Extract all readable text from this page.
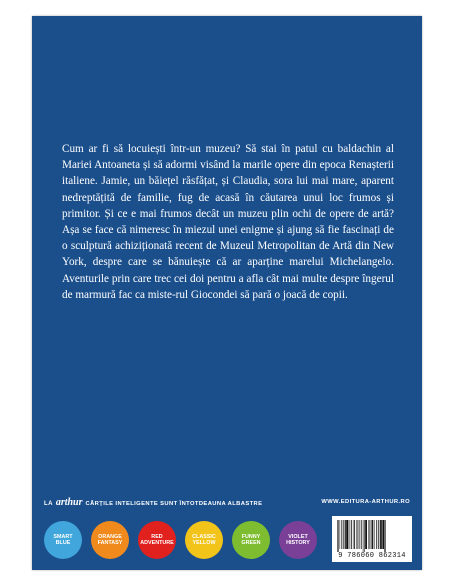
Cum ar fi să locuiești într-un muzeu? Să stai în patul cu baldachin al Mariei Antoaneta și să adormi visând la marile opere din epoca Renașterii italiene. Jamie, un băiețel răsfățat, și Claudia, sora lui mai mare, aparent nedreptățită de familie, fug de acasă în căutarea unui loc frumos și primitor. Și ce e mai frumos decât un muzeu plin ochi de opere de artă? Așa se face că nimeresc în miezul unei enigme și ajung să fie fascinați de o sculptură achiziționată recent de Muzeul Metropolitan de Artă din New York, despre care se bănuiește că ar aparține marelui Michelangelo. Aventurile prin care trec cei doi pentru a afla cât mai multe despre îngerul de marmură fac ca miste-rul Giocondei să pară o joacă de copii.

LA arthur CĂRȚILE INTELIGENTE SUNT ÎNTOTDEAUNA ALBASTRE	WWW.EDITURA-ARTHUR.RO
SMART
BLUE
ORANGE
FANTASY
RED
ADVENTURE
CLASSIC
YELLOW
FUNNY
GREEN
VIOLET
HISTORY
9 786060 862314
